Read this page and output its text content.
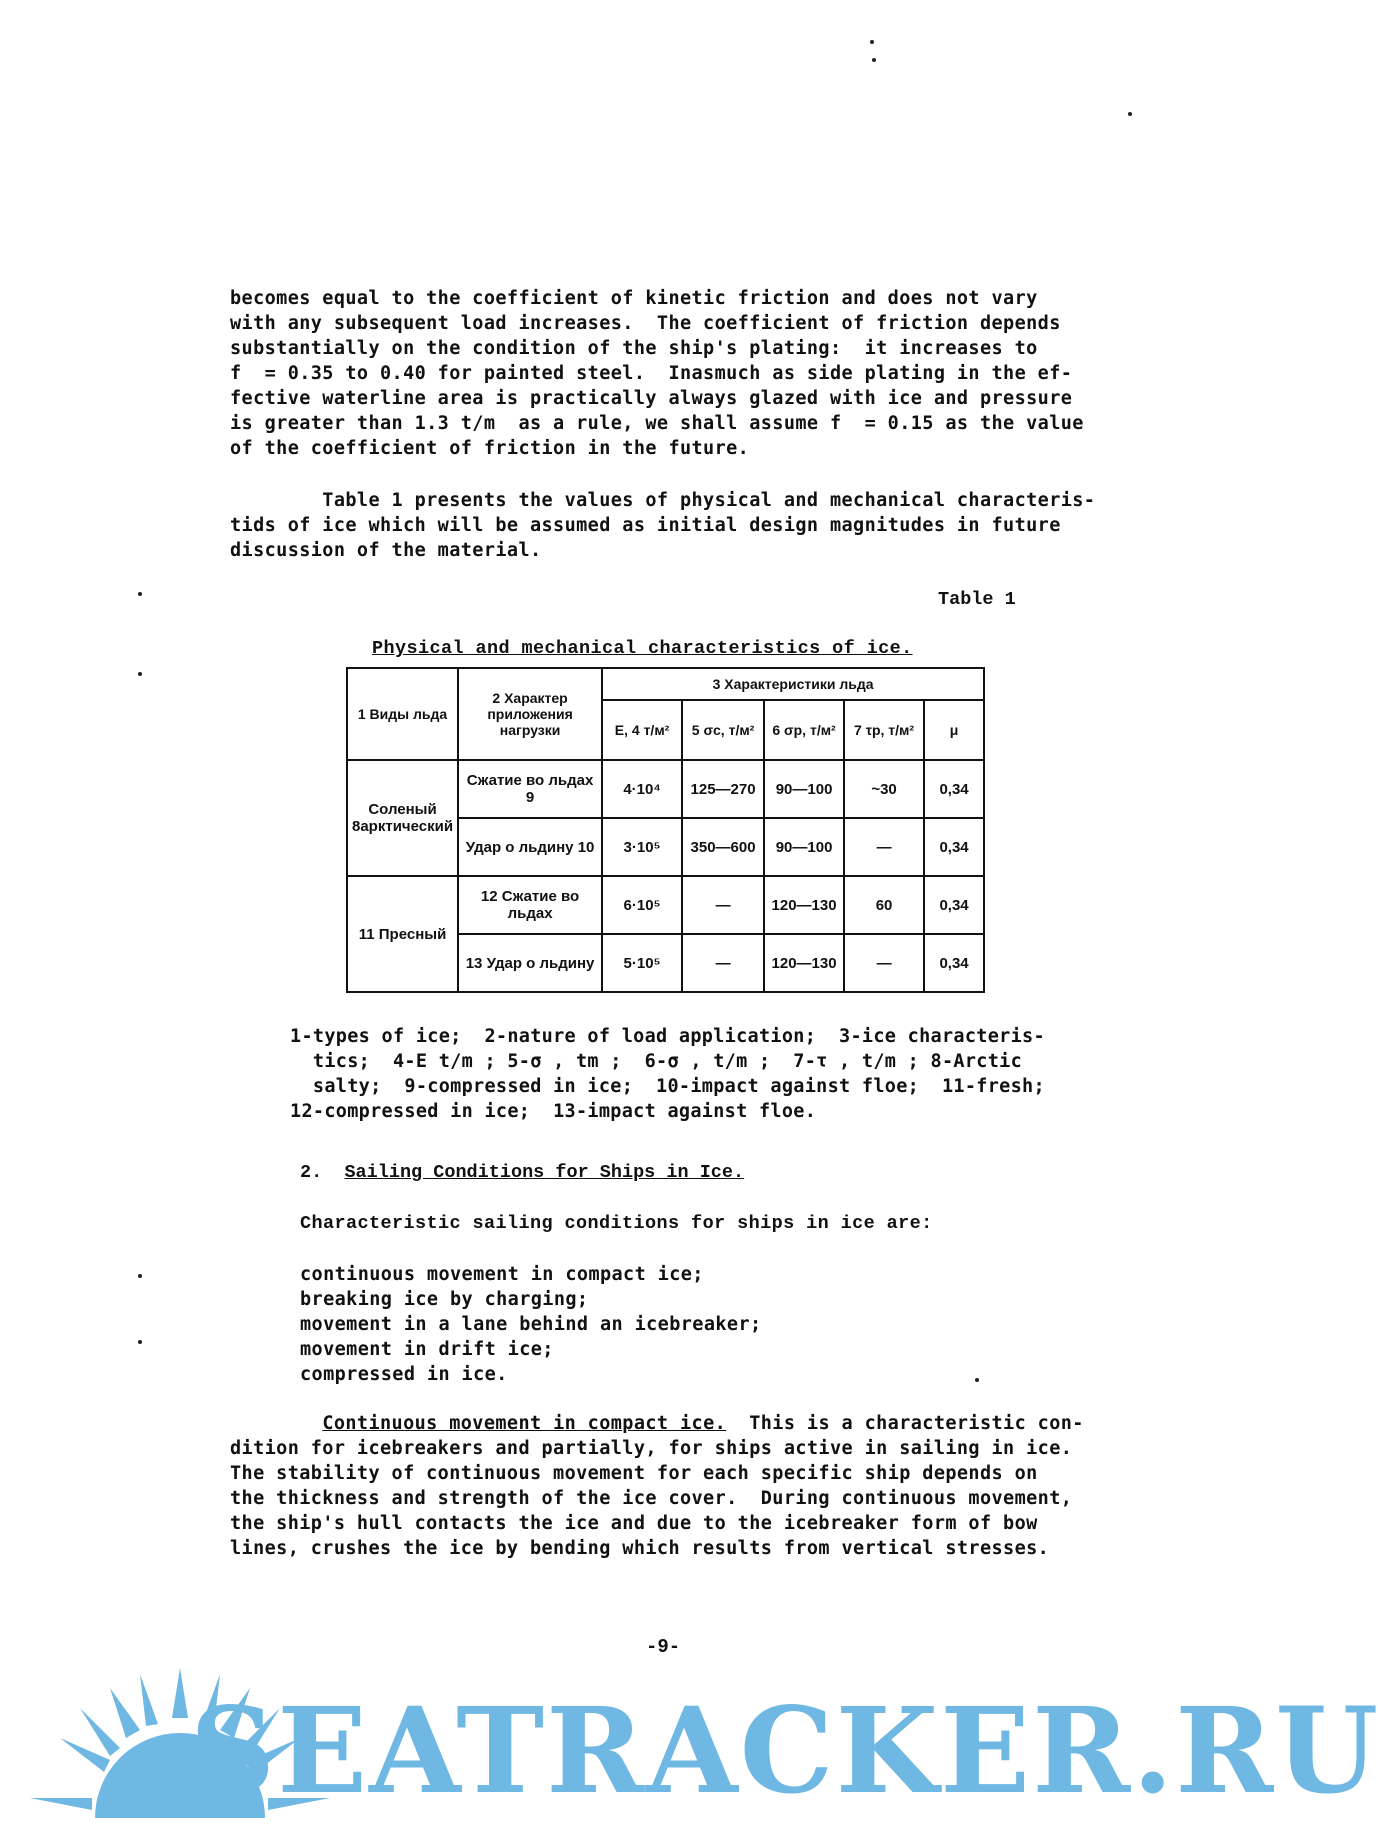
becomes equal to the coefficient of kinetic friction and does not vary
with any subsequent load increases.  The coefficient of friction depends
substantially on the condition of the ship's plating:  it increases to
f  = 0.35 to 0.40 for painted steel.  Inasmuch as side plating in the ef-
fective waterline area is practically always glazed with ice and pressure
is greater than 1.3 t/m  as a rule, we shall assume f  = 0.15 as the value
of the coefficient of friction in the future.
Table 1 presents the values of physical and mechanical characteris-
tids of ice which will be assumed as initial design magnitudes in future
discussion of the material.
Table 1
Physical and mechanical characteristics of ice.
1 Виды льда	2 Характер приложения нагрузки	3 Характеристики льда				
		E, 4 т/м²	5 σс, т/м²	6 σр, т/м²	7 τр, т/м²	μ
Соленый 8арктический	Сжатие во льдах 9	4·10⁴	125—270	90—100	~30	0,34
	Удар о льдину 10	3·10⁵	350—600	90—100	—	0,34
11 Пресный	12 Сжатие во льдах	6·10⁵	—	120—130	60	0,34
	13 Удар о льдину	5·10⁵	—	120—130	—	0,34
1-types of ice;  2-nature of load application;  3-ice characteris-
tics;  4-E t/m ; 5-σ , tm ;  6-σ , t/m ;  7-τ , t/m ; 8-Arctic
salty;  9-compressed in ice;  10-impact against floe;  11-fresh;
12-compressed in ice;  13-impact against floe.
2. Sailing Conditions for Ships in Ice.
Characteristic sailing conditions for ships in ice are:
continuous movement in compact ice;
breaking ice by charging;
movement in a lane behind an icebreaker;
movement in drift ice;
compressed in ice.
Continuous movement in compact ice.  This is a characteristic con-
dition for icebreakers and partially, for ships active in sailing in ice.
The stability of continuous movement for each specific ship depends on
the thickness and strength of the ice cover.  During continuous movement,
the ship's hull contacts the ice and due to the icebreaker form of bow
lines, crushes the ice by bending which results from vertical stresses.
-9-
SEATRACKER.RU
